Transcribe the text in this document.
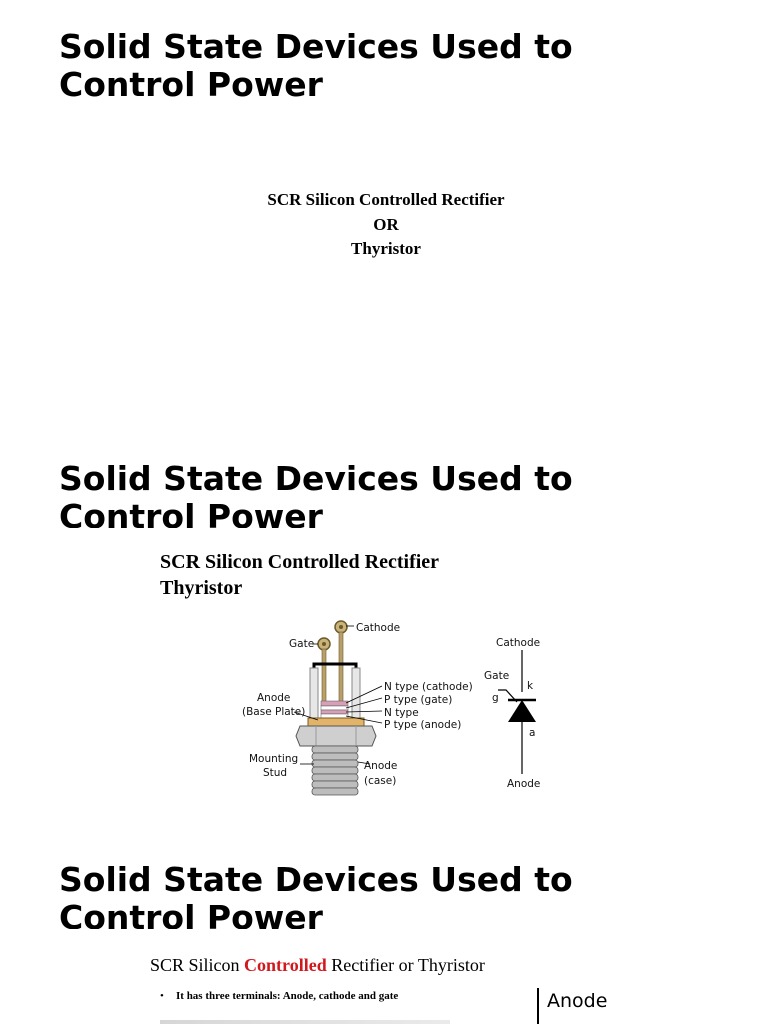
Solid State Devices Used to Control Power
SCR Silicon Controlled Rectifier
OR
Thyristor
Solid State Devices Used to Control Power
SCR Silicon Controlled Rectifier
Thyristor
Cathode
Gate
N type (cathode)
P type (gate)
N type
P type (anode)
Anode
(Base Plate)
Mounting
Stud
Anode
(case)
Cathode
Gate
k
g
a
Anode
Solid State Devices Used to Control Power
SCR Silicon Controlled Rectifier or Thyristor
• It has three terminals: Anode, cathode and gate	Anode
